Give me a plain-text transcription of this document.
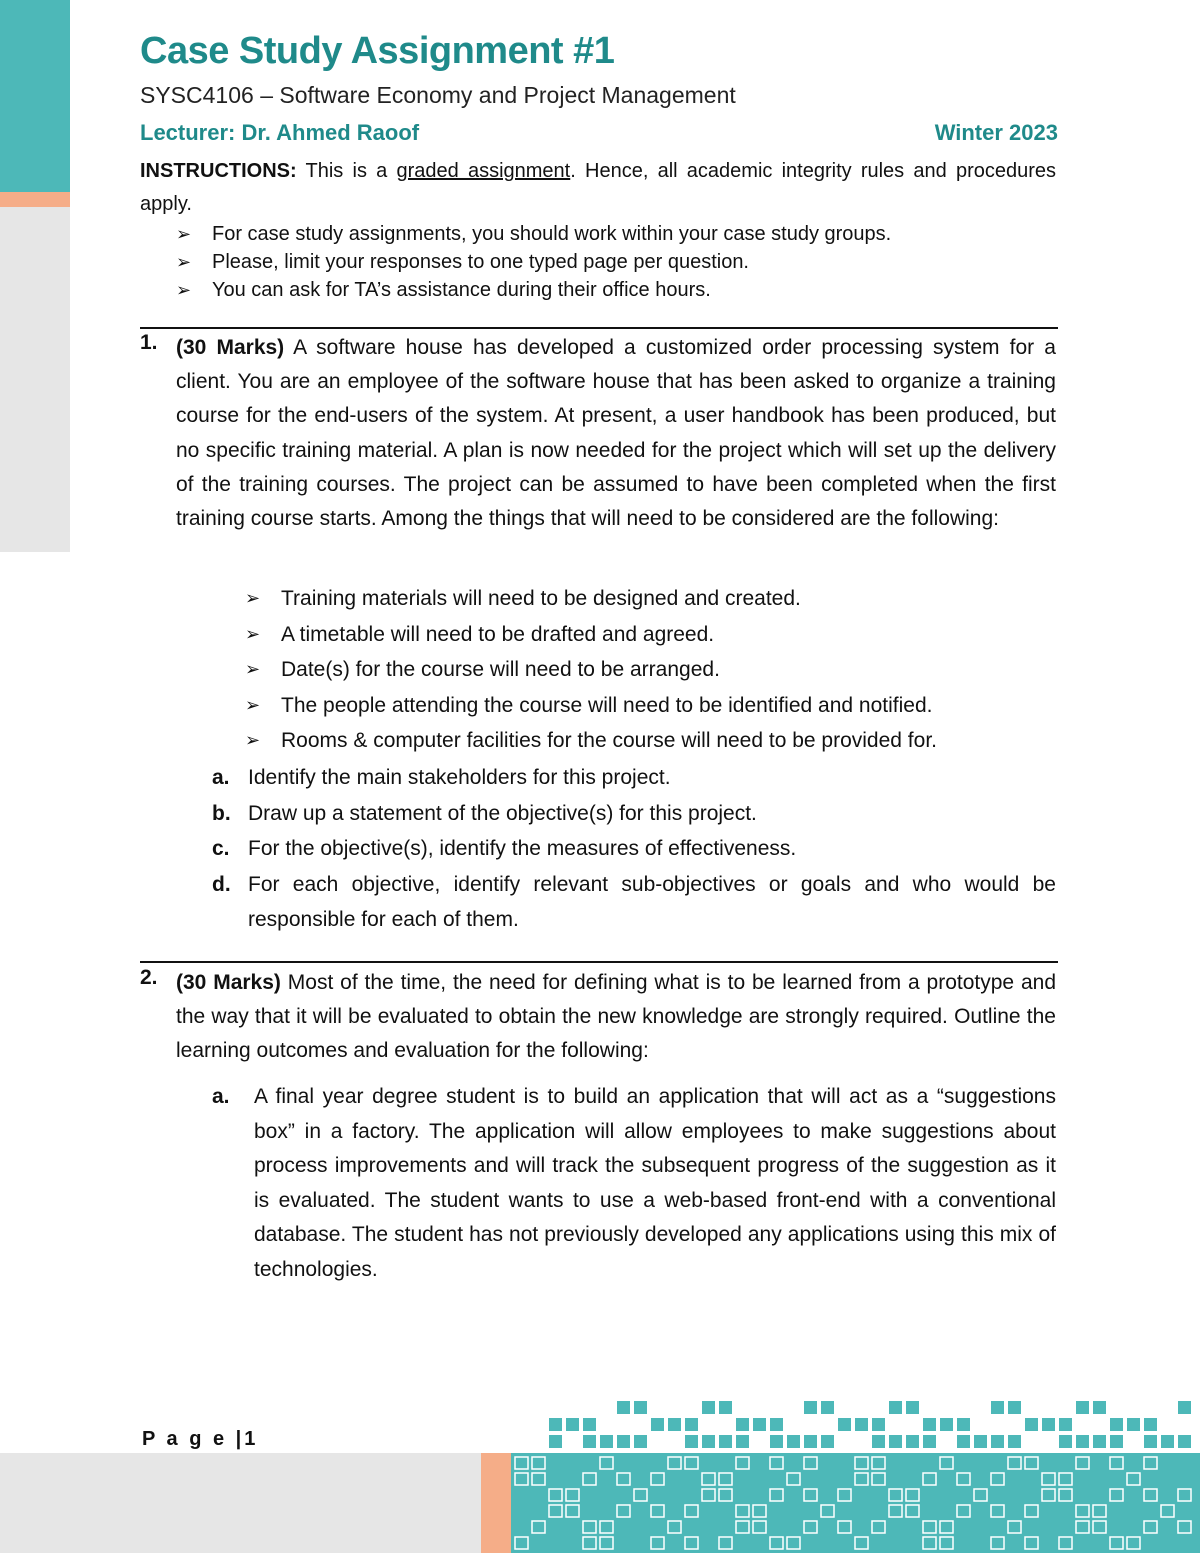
Case Study Assignment #1
SYSC4106 – Software Economy and Project Management
Lecturer: Dr. Ahmed Raoof	Winter 2023
INSTRUCTIONS: This is a graded assignment. Hence, all academic integrity rules and procedures apply.
➢ For case study assignments, you should work within your case study groups.
➢ Please, limit your responses to one typed page per question.
➢ You can ask for TA’s assistance during their office hours.
1. (30 Marks) A software house has developed a customized order processing system for a client. You are an employee of the software house that has been asked to organize a training course for the end-users of the system. At present, a user handbook has been produced, but no specific training material. A plan is now needed for the project which will set up the delivery of the training courses. The project can be assumed to have been completed when the first training course starts. Among the things that will need to be considered are the following:
➢ Training materials will need to be designed and created.
➢ A timetable will need to be drafted and agreed.
➢ Date(s) for the course will need to be arranged.
➢ The people attending the course will need to be identified and notified.
➢ Rooms & computer facilities for the course will need to be provided for.
a. Identify the main stakeholders for this project.
b. Draw up a statement of the objective(s) for this project.
c. For the objective(s), identify the measures of effectiveness.
d. For each objective, identify relevant sub-objectives or goals and who would be responsible for each of them.
2. (30 Marks) Most of the time, the need for defining what is to be learned from a prototype and the way that it will be evaluated to obtain the new knowledge are strongly required. Outline the learning outcomes and evaluation for the following:
a. A final year degree student is to build an application that will act as a “suggestions box” in a factory. The application will allow employees to make suggestions about process improvements and will track the subsequent progress of the suggestion as it is evaluated. The student wants to use a web-based front-end with a conventional database. The student has not previously developed any applications using this mix of technologies.
P a g e |1
